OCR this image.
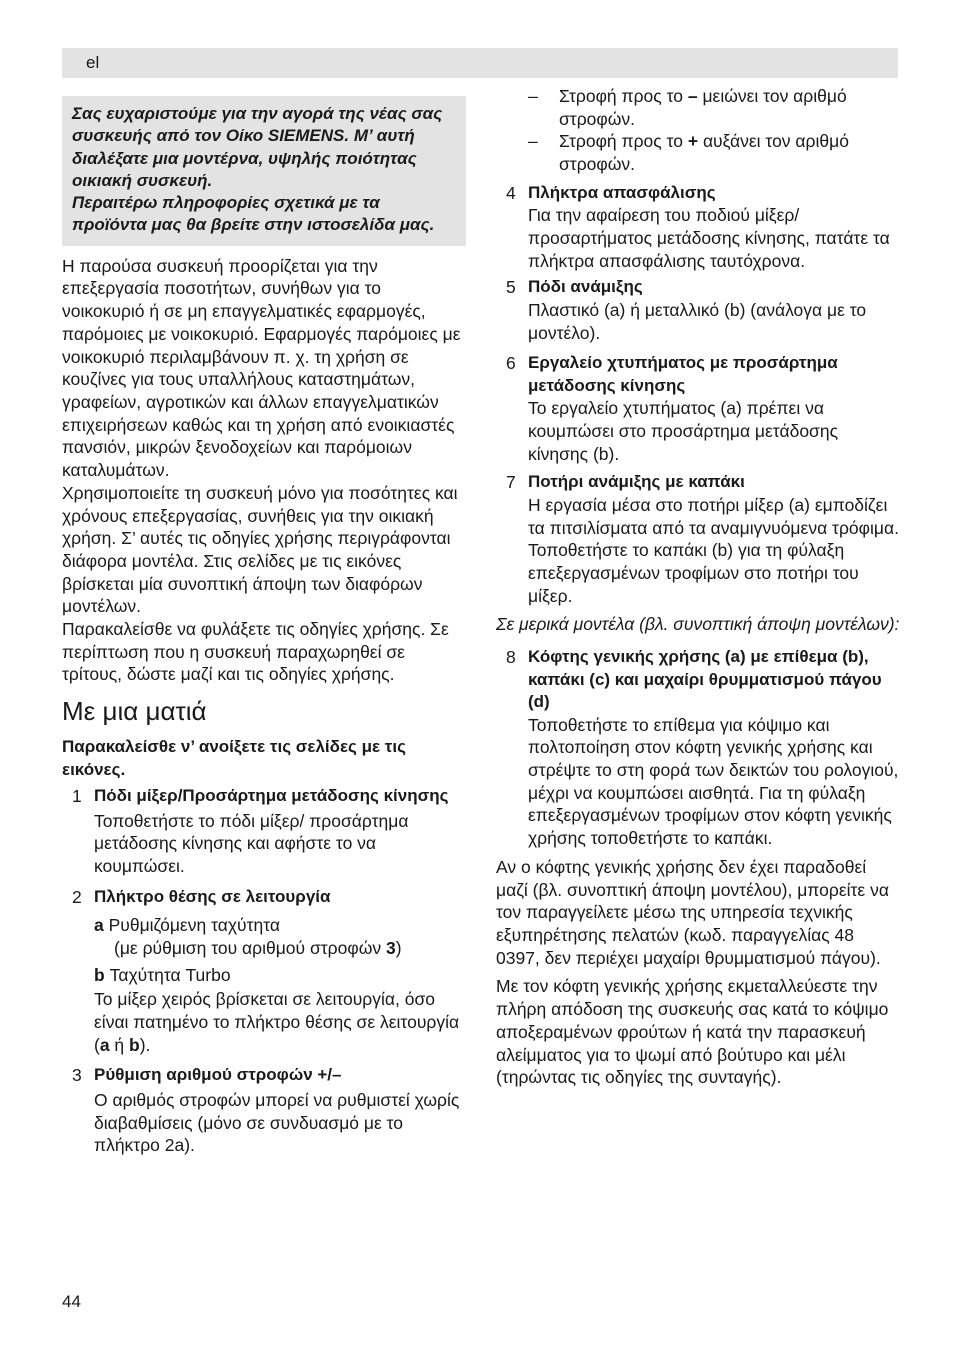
el

Σας ευχαριστούμε για την αγορά της νέας σας συσκευής από τον Οίκο SIEMENS. Μ’ αυτή διαλέξατε μια μοντέρνα, υψηλής ποιότητας οικιακή συσκευή.

Περαιτέρω πληροφορίες σχετικά με τα προϊόντα μας θα βρείτε στην ιστοσελίδα μας.

Η παρούσα συσκευή προορίζεται για την επεξεργασία ποσοτήτων, συνήθων για το νοικοκυριό ή σε μη επαγγελματικές εφαρμογές, παρόμοιες με νοικοκυριό. Εφαρμογές παρόμοιες με νοικοκυριό περιλαμβάνουν π. χ. τη χρήση σε κουζίνες για τους υπαλλήλους καταστημάτων, γραφείων, αγροτικών και άλλων επαγγελματικών επιχειρήσεων καθώς και τη χρήση από ενοικιαστές πανσιόν, μικρών ξενοδοχείων και παρόμοιων καταλυμάτων.

Χρησιμοποιείτε τη συσκευή μόνο για ποσότητες και χρόνους επεξεργασίας, συνήθεις για την οικιακή χρήση. Σ’ αυτές τις οδηγίες χρήσης περιγράφονται διάφορα μοντέλα. Στις σελίδες με τις εικόνες βρίσκεται μία συνοπτική άποψη των διαφόρων μοντέλων.

Παρακαλείσθε να φυλάξετε τις οδηγίες χρήσης. Σε περίπτωση που η συσκευή παραχωρηθεί σε τρίτους, δώστε μαζί και τις οδηγίες χρήσης.

Με μια ματιά

Παρακαλείσθε ν’ ανοίξετε τις σελίδες με τις εικόνες.

1 Πόδι μίξερ/Προσάρτημα μετάδοσης κίνησης
Τοποθετήστε το πόδι μίξερ/ προσάρτημα μετάδοσης κίνησης και αφήστε το να κουμπώσει.
2 Πλήκτρο θέσης σε λειτουργία
a Ρυθμιζόμενη ταχύτητα
(με ρύθμιση του αριθμού στροφών 3)
b Ταχύτητα Turbo
Το μίξερ χειρός βρίσκεται σε λειτουργία, όσο είναι πατημένο το πλήκτρο θέσης σε λειτουργία (a ή b).
3 Ρύθμιση αριθμού στροφών +/–
Ο αριθμός στροφών μπορεί να ρυθμιστεί χωρίς διαβαθμίσεις (μόνο σε συνδυασμό με το πλήκτρο 2a).
– Στροφή προς το – μειώνει τον αριθμό στροφών.
– Στροφή προς το + αυξάνει τον αριθμό στροφών.
4 Πλήκτρα απασφάλισης
Για την αφαίρεση του ποδιού μίξερ/ προσαρτήματος μετάδοσης κίνησης, πατάτε τα πλήκτρα απασφάλισης ταυτόχρονα.
5 Πόδι ανάμιξης
Πλαστικό (a) ή μεταλλικό (b) (ανάλογα με το μοντέλο).
6 Εργαλείο χτυπήματος με προσάρτημα μετάδοσης κίνησης
Το εργαλείο χτυπήματος (a) πρέπει να κουμπώσει στο προσάρτημα μετάδοσης κίνησης (b).
7 Ποτήρι ανάμιξης με καπάκι
Η εργασία μέσα στο ποτήρι μίξερ (a) εμποδίζει τα πιτσιλίσματα από τα αναμιγνυόμενα τρόφιμα. Τοποθετήστε το καπάκι (b) για τη φύλαξη επεξεργασμένων τροφίμων στο ποτήρι του μίξερ.

Σε μερικά μοντέλα (βλ. συνοπτική άποψη μοντέλων):

8 Κόφτης γενικής χρήσης (a) με επίθεμα (b), καπάκι (c) και μαχαίρι θρυμματισμού πάγου (d)
Τοποθετήστε το επίθεμα για κόψιμο και πολτοποίηση στον κόφτη γενικής χρήσης και στρέψτε το στη φορά των δεικτών του ρολογιού, μέχρι να κουμπώσει αισθητά. Για τη φύλαξη επεξεργασμένων τροφίμων στον κόφτη γενικής χρήσης τοποθετήστε το καπάκι.

Αν ο κόφτης γενικής χρήσης δεν έχει παραδοθεί μαζί (βλ. συνοπτική άποψη μοντέλου), μπορείτε να τον παραγγείλετε μέσω της υπηρεσία τεχνικής εξυπηρέτησης πελατών (κωδ. παραγγελίας 48 0397, δεν περιέχει μαχαίρι θρυμματισμού πάγου).

Με τον κόφτη γενικής χρήσης εκμεταλλεύεστε την πλήρη απόδοση της συσκευής σας κατά το κόψιμο αποξεραμένων φρούτων ή κατά την παρασκευή αλείμματος για το ψωμί από βούτυρο και μέλι (τηρώντας τις οδηγίες της συνταγής).

44
